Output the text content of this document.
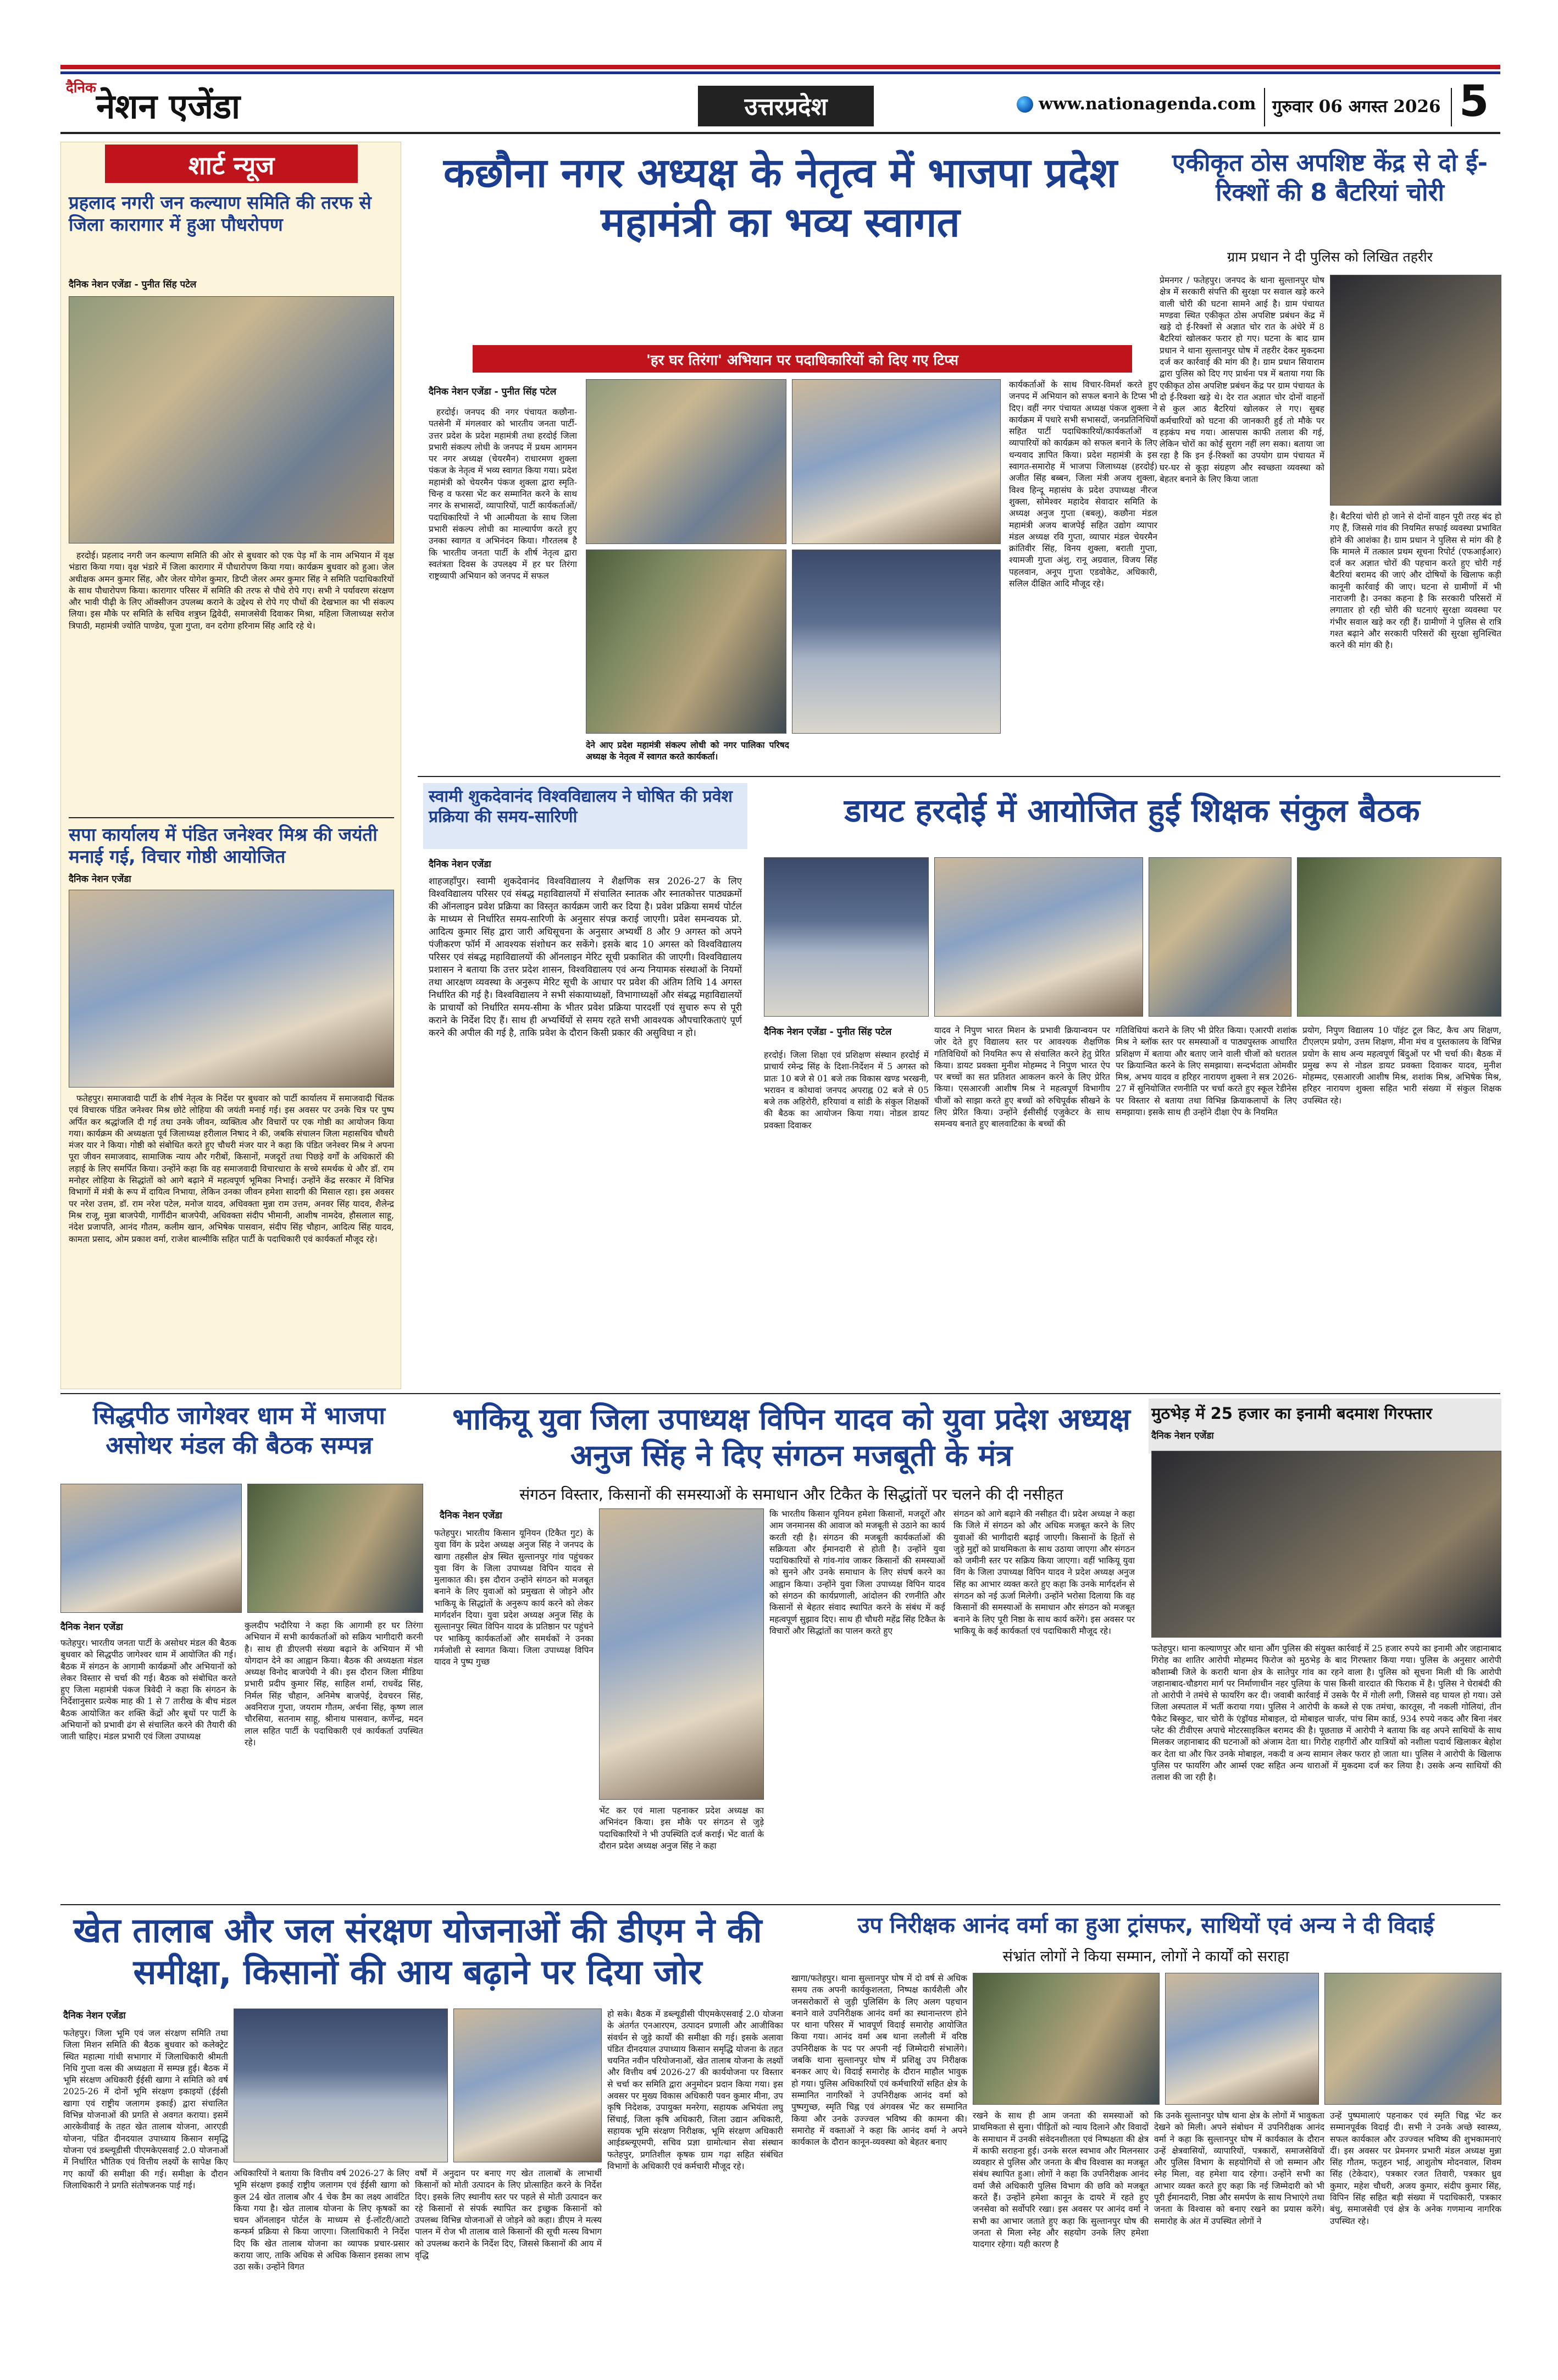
दैनिक नेशन एजेंडा	उत्तरप्रदेश	www.nationagenda.com गुरुवार 06 अगस्त 2026 5
शार्ट न्यूज
प्रहलाद नगरी जन कल्याण समिति की तरफ से जिला कारागार में हुआ पौधरोपण
दैनिक नेशन एजेंडा - पुनीत सिंह पटेल
हरदोई। प्रहलाद नगरी जन कल्याण समिति की ओर से बुधवार को एक पेड़ माँ के नाम अभियान में वृक्ष भंडारा किया गया। वृक्ष भंडारे में जिला कारागार में पौधारोपण किया गया। कार्यक्रम बुधवार को हुआ। जेल अधीक्षक अमन कुमार सिंह, और जेलर योगेश कुमार, डिप्टी जेलर अमर कुमार सिंह ने समिति पदाधिकारियों के साथ पौधारोपण किया। कारागार परिसर में समिति की तरफ से पौधे रोपे गए। सभी ने पर्यावरण संरक्षण और भावी पीढ़ी के लिए ऑक्सीजन उपलब्ध कराने के उद्देश्य से रोपे गए पौधों की देखभाल का भी संकल्प लिया। इस मौके पर समिति के सचिव शत्रुघ्न द्विवेदी, समाजसेवी दिवाकर मिश्रा, महिला जिलाध्यक्ष सरोज त्रिपाठी, महामंत्री ज्योति पाण्डेय, पूजा गुप्ता, वन दरोगा हरिनाम सिंह आदि रहे थे।
सपा कार्यालय में पंडित जनेश्वर मिश्र की जयंती मनाई गई, विचार गोष्ठी आयोजित
दैनिक नेशन एजेंडा
फतेहपुर। समाजवादी पार्टी के शीर्ष नेतृत्व के निर्देश पर बुधवार को पार्टी कार्यालय में समाजवादी चिंतक एवं विचारक पंडित जनेश्वर मिश्र छोटे लोहिया की जयंती मनाई गई। इस अवसर पर उनके चित्र पर पुष्प अर्पित कर श्रद्धांजलि दी गई तथा उनके जीवन, व्यक्तित्व और विचारों पर एक गोष्ठी का आयोजन किया गया। कार्यक्रम की अध्यक्षता पूर्व जिलाध्यक्ष हरीलाल निषाद ने की, जबकि संचालन जिला महासचिव चौधरी मंजर यार ने किया। गोष्ठी को संबोधित करते हुए चौधरी मंजर यार ने कहा कि पंडित जनेश्वर मिश्र ने अपना पूरा जीवन समाजवाद, सामाजिक न्याय और गरीबों, किसानों, मजदूरों तथा पिछड़े वर्गों के अधिकारों की लड़ाई के लिए समर्पित किया। उन्होंने कहा कि वह समाजवादी विचारधारा के सच्चे समर्थक थे और डॉ. राम मनोहर लोहिया के सिद्धांतों को आगे बढ़ाने में महत्वपूर्ण भूमिका निभाई। उन्होंने केंद्र सरकार में विभिन्न विभागों में मंत्री के रूप में दायित्व निभाया, लेकिन उनका जीवन हमेशा सादगी की मिसाल रहा। इस अवसर पर नरेश उत्तम, डॉ. राम नरेश पटेल, मनोज यादव, अधिवक्ता मुन्ना राम उत्तम, अनवर सिंह यादव, शैलेन्द्र मिश्र राजू, मुन्ना बाजपेयी, गार्गीदीन बाजपेयी, अधिवक्ता संदीप भीमानी, आशीष नामदेव, हौसलाल साहू, नंदेश प्रजापति, आनंद गौतम, कलीम खान, अभिषेक पासवान, संदीप सिंह चौहान, आदित्य सिंह यादव, कामता प्रसाद, ओम प्रकाश वर्मा, राजेश बाल्मीकि सहित पार्टी के पदाधिकारी एवं कार्यकर्ता मौजूद रहे।
कछौना नगर अध्यक्ष के नेतृत्व में भाजपा प्रदेश महामंत्री का भव्य स्वागत
'हर घर तिरंगा' अभियान पर पदाधिकारियों को दिए गए टिप्स
दैनिक नेशन एजेंडा - पुनीत सिंह पटेल
हरदोई। जनपद की नगर पंचायत कछौना-पतसेनी में मंगलवार को भारतीय जनता पार्टी-उत्तर प्रदेश के प्रदेश महामंत्री तथा हरदोई जिला प्रभारी संकल्प लोधी के जनपद में प्रथम आगमन पर नगर अध्यक्ष (चेयरमैन) राधारमण शुक्ला पंकज के नेतृत्व में भव्य स्वागत किया गया। प्रदेश महामंत्री को चेयरमैन पंकज शुक्ला द्वारा स्मृति-चिन्ह व फरसा भेंट कर सम्मानित करने के साथ नगर के सभासदों, व्यापारियों, पार्टी कार्यकर्ताओं/पदाधिकारियों ने भी आत्मीयता के साथ जिला प्रभारी संकल्प लोधी का माल्यार्पण करते हुए उनका स्वागत व अभिनंदन किया। गौरतलब है कि भारतीय जनता पार्टी के शीर्ष नेतृत्व द्वारा स्वतंत्रता दिवस के उपलक्ष्य में हर घर तिरंगा राष्ट्रव्यापी अभियान को जनपद में सफल
देने आए प्रदेश महामंत्री संकल्प लोधी को नगर पालिका परिषद अध्यक्ष के नेतृत्व में स्वागत करते कार्यकर्ता।
कार्यकर्ताओं के साथ विचार-विमर्श करते हुए जनपद में अभियान को सफल बनाने के टिप्स भी दिए। वहीं नगर पंचायत अध्यक्ष पंकज शुक्ला ने कार्यक्रम में पधारे सभी सभासदों, जनप्रतिनिधियों सहित पार्टी पदाधिकारियों/कार्यकर्ताओं व व्यापारियों को कार्यक्रम को सफल बनाने के लिए धन्यवाद ज्ञापित किया। प्रदेश महामंत्री के इस स्वागत-समारोह में भाजपा जिलाध्यक्ष (हरदोई) अजीत सिंह बब्बन, जिला मंत्री अजय शुक्ला, विश्व हिन्दू महासंघ के प्रदेश उपाध्यक्ष नीरज शुक्ला, सोमेश्वर महादेव सेवादार समिति के अध्यक्ष अनुज गुप्ता (बबलू), कछौना मंडल महामंत्री अजय बाजपेई सहित उद्योग व्यापार मंडल अध्यक्ष रवि गुप्ता, व्यापार मंडल चेयरमैन क्रांतिवीर सिंह, विनय शुक्ला, बराती गुप्ता, श्यामजी गुप्ता अंशु, रानू अग्रवाल, विजय सिंह पहलवान, अनूप गुप्ता एडवोकेट, अधिकारी, सलिल दीक्षित आदि मौजूद रहे।
एकीकृत ठोस अपशिष्ट केंद्र से दो ई-रिक्शों की 8 बैटरियां चोरी
ग्राम प्रधान ने दी पुलिस को लिखित तहरीर
प्रेमनगर / फतेहपुर। जनपद के थाना सुल्तानपुर घोष क्षेत्र में सरकारी संपत्ति की सुरक्षा पर सवाल खड़े करने वाली चोरी की घटना सामने आई है। ग्राम पंचायत मण्डवा स्थित एकीकृत ठोस अपशिष्ट प्रबंधन केंद्र में खड़े दो ई-रिक्शों से अज्ञात चोर रात के अंधेरे में 8 बैटरियां खोलकर फरार हो गए। घटना के बाद ग्राम प्रधान ने थाना सुल्तानपुर घोष में तहरीर देकर मुकदमा दर्ज कर कार्रवाई की मांग की है। ग्राम प्रधान सियाराम द्वारा पुलिस को दिए गए प्रार्थना पत्र में बताया गया कि एकीकृत ठोस अपशिष्ट प्रबंधन केंद्र पर ग्राम पंचायत के दो ई-रिक्शा खड़े थे। देर रात अज्ञात चोर दोनों वाहनों से कुल आठ बैटरियां खोलकर ले गए। सुबह कर्मचारियों को घटना की जानकारी हुई तो मौके पर हड़कंप मच गया। आसपास काफी तलाश की गई, लेकिन चोरों का कोई सुराग नहीं लग सका। बताया जा रहा है कि इन ई-रिक्शों का उपयोग ग्राम पंचायत में घर-घर से कूड़ा संग्रहण और स्वच्छता व्यवस्था को बेहतर बनाने के लिए किया जाता
है। बैटरियां चोरी हो जाने से दोनों वाहन पूरी तरह बंद हो गए हैं, जिससे गांव की नियमित सफाई व्यवस्था प्रभावित होने की आशंका है। ग्राम प्रधान ने पुलिस से मांग की है कि मामले में तत्काल प्रथम सूचना रिपोर्ट (एफआईआर) दर्ज कर अज्ञात चोरों की पहचान करते हुए चोरी गई बैटरियां बरामद की जाएं और दोषियों के खिलाफ कड़ी कानूनी कार्रवाई की जाए। घटना से ग्रामीणों में भी नाराजगी है। उनका कहना है कि सरकारी परिसरों में लगातार हो रही चोरी की घटनाएं सुरक्षा व्यवस्था पर गंभीर सवाल खड़े कर रही हैं। ग्रामीणों ने पुलिस से रात्रि गश्त बढ़ाने और सरकारी परिसरों की सुरक्षा सुनिश्चित करने की मांग की है।
स्वामी शुकदेवानंद विश्वविद्यालय ने घोषित की प्रवेश प्रक्रिया की समय-सारिणी
दैनिक नेशन एजेंडा
शाहजहाँपुर। स्वामी शुकदेवानंद विश्वविद्यालय ने शैक्षणिक सत्र 2026-27 के लिए विश्वविद्यालय परिसर एवं संबद्ध महाविद्यालयों में संचालित स्नातक और स्नातकोत्तर पाठ्यक्रमों की ऑनलाइन प्रवेश प्रक्रिया का विस्तृत कार्यक्रम जारी कर दिया है। प्रवेश प्रक्रिया समर्थ पोर्टल के माध्यम से निर्धारित समय-सारिणी के अनुसार संपन्न कराई जाएगी। प्रवेश समन्वयक प्रो. आदित्य कुमार सिंह द्वारा जारी अधिसूचना के अनुसार अभ्यर्थी 8 और 9 अगस्त को अपने पंजीकरण फॉर्म में आवश्यक संशोधन कर सकेंगे। इसके बाद 10 अगस्त को विश्वविद्यालय परिसर एवं संबद्ध महाविद्यालयों की ऑनलाइन मेरिट सूची प्रकाशित की जाएगी। विश्वविद्यालय प्रशासन ने बताया कि उत्तर प्रदेश शासन, विश्वविद्यालय एवं अन्य नियामक संस्थाओं के नियमों तथा आरक्षण व्यवस्था के अनुरूप मेरिट सूची के आधार पर प्रवेश की अंतिम तिथि 14 अगस्त निर्धारित की गई है। विश्वविद्यालय ने सभी संकायाध्यक्षों, विभागाध्यक्षों और संबद्ध महाविद्यालयों के प्राचार्यों को निर्धारित समय-सीमा के भीतर प्रवेश प्रक्रिया पारदर्शी एवं सुचारु रूप से पूरी कराने के निर्देश दिए हैं। साथ ही अभ्यर्थियों से समय रहते सभी आवश्यक औपचारिकताएं पूर्ण करने की अपील की गई है, ताकि प्रवेश के दौरान किसी प्रकार की असुविधा न हो।
डायट हरदोई में आयोजित हुई शिक्षक संकुल बैठक
दैनिक नेशन एजेंडा - पुनीत सिंह पटेल
हरदोई। जिला शिक्षा एवं प्रशिक्षण संस्थान हरदोई में प्राचार्य रमेन्द्र सिंह के दिशा-निर्देशन में 5 अगस्त को प्रातः 10 बजे से 01 बजे तक विकास खण्ड भरखनी, भरावन व कोथावां जनपद अपराह्न 02 बजे से 05 बजे तक अहिरोरी, हरियावां व सांडी के संकुल शिक्षकों की बैठक का आयोजन किया गया। नोडल डायट प्रवक्ता दिवाकर
यादव ने निपुण भारत मिशन के प्रभावी क्रियान्वयन पर जोर देते हुए विद्यालय स्तर पर आवश्यक शैक्षणिक गतिविधियों को नियमित रूप से संचालित करने हेतु प्रेरित किया। डायट प्रवक्ता मुनीश मोहम्मद ने निपुण भारत ऐप पर बच्चों का सत प्रतिशत आकलन करने के लिए प्रेरित किया। एसआरजी आशीष मिश्र ने महत्वपूर्ण विभागीय चीजों को साझा करते हुए बच्चों को रुचिपूर्वक सीखने के लिए प्रेरित किया। उन्होंने ईसीसीई एजुकेटर के साथ समन्वय बनाते हुए बालवाटिका के बच्चों की
गतिविधियां कराने के लिए भी प्रेरित किया। एआरपी शशांक मिश्र ने ब्लॉक स्तर पर समस्याओं व पाठ्यपुस्तक आधारित प्रशिक्षण में बताया और बताए जाने वाली चीजों को धरातल पर क्रियान्वित करने के लिए समझाया। सन्दर्भदाता ओमवीर मिश्र, अभय यादव व हरिहर नारायण शुक्ला ने सत्र 2026-27 में सुनियोजित रणनीति पर चर्चा करते हुए स्कूल रेडीनेस पर विस्तार से बताया तथा विभिन्न क्रियाकलापों के लिए समझाया। इसके साथ ही उन्होंने दीक्षा ऐप के नियमित
प्रयोग, निपुण विद्यालय 10 पॉइंट टूल किट, कैच अप शिक्षण, टीएलएम प्रयोग, उत्तम शिक्षण, मीना मंच व पुस्तकालय के विभिन्न प्रयोग के साथ अन्य महत्वपूर्ण बिंदुओं पर भी चर्चा की। बैठक में प्रमुख रूप से नोडल डायट प्रवक्ता दिवाकर यादव, मुनीश मोहम्मद, एसआरजी आशीष मिश्र, शशांक मिश्र, अभिषेक मिश्र, हरिहर नारायण शुक्ला सहित भारी संख्या में संकुल शिक्षक उपस्थित रहे।
सिद्धपीठ जागेश्वर धाम में भाजपा असोथर मंडल की बैठक सम्पन्न
दैनिक नेशन एजेंडा
फतेहपुर। भारतीय जनता पार्टी के असोथर मंडल की बैठक बुधवार को सिद्धपीठ जागेश्वर धाम में आयोजित की गई। बैठक में संगठन के आगामी कार्यक्रमों और अभियानों को लेकर विस्तार से चर्चा की गई। बैठक को संबोधित करते हुए जिला महामंत्री पंकज त्रिवेदी ने कहा कि संगठन के निर्देशानुसार प्रत्येक माह की 1 से 7 तारीख के बीच मंडल बैठक आयोजित कर शक्ति केंद्रों और बूथों पर पार्टी के अभियानों को प्रभावी ढंग से संचालित करने की तैयारी की जाती चाहिए। मंडल प्रभारी एवं जिला उपाध्यक्ष
कुलदीप भदौरिया ने कहा कि आगामी हर घर तिरंगा अभियान में सभी कार्यकर्ताओं को सक्रिय भागीदारी करनी है। साथ ही डीएलपी संख्या बढ़ाने के अभियान में भी योगदान देने का आह्वान किया। बैठक की अध्यक्षता मंडल अध्यक्ष विनोद बाजपेयी ने की। इस दौरान जिला मीडिया प्रभारी प्रदीप कुमार सिंह, साहिल शर्मा, राधवेंद्र सिंह, निर्मल सिंह चौहान, अनिमेष बाजपेई, देवचरन सिंह, अवनिराज गुप्ता, जयराम गौतम, अर्चना सिंह, कृष्ण लाल चौरसिया, सतनाम साहू, श्रीनाथ पासवान, कर्णेन्द्र, मदन लाल सहित पार्टी के पदाधिकारी एवं कार्यकर्ता उपस्थित रहे।
भाकियू युवा जिला उपाध्यक्ष विपिन यादव को युवा प्रदेश अध्यक्ष अनुज सिंह ने दिए संगठन मजबूती के मंत्र
संगठन विस्तार, किसानों की समस्याओं के समाधान और टिकैत के सिद्धांतों पर चलने की दी नसीहत
दैनिक नेशन एजेंडा
फतेहपुर। भारतीय किसान यूनियन (टिकैत गुट) के युवा विंग के प्रदेश अध्यक्ष अनुज सिंह ने जनपद के खागा तहसील क्षेत्र स्थित सुल्तानपुर गांव पहुंचकर युवा विंग के जिला उपाध्यक्ष विपिन यादव से मुलाकात की। इस दौरान उन्होंने संगठन को मजबूत बनाने के लिए युवाओं को प्रमुखता से जोड़ने और भाकियू के सिद्धांतों के अनुरूप कार्य करने को लेकर मार्गदर्शन दिया। युवा प्रदेश अध्यक्ष अनुज सिंह के सुल्तानपुर स्थित विपिन यादव के प्रतिष्ठान पर पहुंचने पर भाकियू कार्यकर्ताओं और समर्थकों ने उनका गर्मजोशी से स्वागत किया। जिला उपाध्यक्ष विपिन यादव ने पुष्प गुच्छ
भेंट कर एवं माला पहनाकर प्रदेश अध्यक्ष का अभिनंदन किया। इस मौके पर संगठन से जुड़े पदाधिकारियों ने भी उपस्थिति दर्ज कराई। भेंट वार्ता के दौरान प्रदेश अध्यक्ष अनुज सिंह ने कहा
कि भारतीय किसान यूनियन हमेशा किसानों, मजदूरों और आम जनमानस की आवाज को मजबूती से उठाने का कार्य करती रही है। संगठन की मजबूती कार्यकर्ताओं की सक्रियता और ईमानदारी से होती है। उन्होंने युवा पदाधिकारियों से गांव-गांव जाकर किसानों की समस्याओं को सुनने और उनके समाधान के लिए संघर्ष करने का आह्वान किया। उन्होंने युवा जिला उपाध्यक्ष विपिन यादव को संगठन की कार्यप्रणाली, आंदोलन की रणनीति और किसानों से बेहतर संवाद स्थापित करने के संबंध में कई महत्वपूर्ण सुझाव दिए। साथ ही चौधरी महेंद्र सिंह टिकैत के विचारों और सिद्धांतों का पालन करते हुए
संगठन को आगे बढ़ाने की नसीहत दी। प्रदेश अध्यक्ष ने कहा कि जिले में संगठन को और अधिक मजबूत करने के लिए युवाओं की भागीदारी बढ़ाई जाएगी। किसानों के हितों से जुड़े मुद्दों को प्राथमिकता के साथ उठाया जाएगा और संगठन को जमीनी स्तर पर सक्रिय किया जाएगा। वहीं भाकियू युवा विंग के जिला उपाध्यक्ष विपिन यादव ने प्रदेश अध्यक्ष अनुज सिंह का आभार व्यक्त करते हुए कहा कि उनके मार्गदर्शन से संगठन को नई ऊर्जा मिलेगी। उन्होंने भरोसा दिलाया कि वह किसानों की समस्याओं के समाधान और संगठन को मजबूत बनाने के लिए पूरी निष्ठा के साथ कार्य करेंगे। इस अवसर पर भाकियू के कई कार्यकर्ता एवं पदाधिकारी मौजूद रहे।
मुठभेड़ में 25 हजार का इनामी बदमाश गिरफ्तार
दैनिक नेशन एजेंडा
फतेहपुर। थाना कल्याणपुर और थाना औंग पुलिस की संयुक्त कार्रवाई में 25 हजार रुपये का इनामी और जहानाबाद गिरोह का शातिर आरोपी मोहम्मद फिरोज को मुठभेड़ के बाद गिरफ्तार किया गया। पुलिस के अनुसार आरोपी कौशाम्बी जिले के करारी थाना क्षेत्र के सातेपुर गांव का रहने वाला है। पुलिस को सूचना मिली थी कि आरोपी जहानाबाद-चौडगरा मार्ग पर निर्माणाधीन नहर पुलिया के पास किसी वारदात की फिराक में है। पुलिस ने घेराबंदी की तो आरोपी ने तमंचे से फायरिंग कर दी। जवाबी कार्रवाई में उसके पैर में गोली लगी, जिससे वह घायल हो गया। उसे जिला अस्पताल में भर्ती कराया गया। पुलिस ने आरोपी के कब्जे से एक तमंचा, कारतूस, नौ नकली गोलियां, तीन पैकेट बिस्कुट, चार चोरी के एंड्रॉयड मोबाइल, दो मोबाइल चार्जर, पांच सिम कार्ड, 934 रुपये नकद और बिना नंबर प्लेट की टीवीएस अपाचे मोटरसाइकिल बरामद की है। पूछताछ में आरोपी ने बताया कि वह अपने साथियों के साथ मिलकर जहानाबाद की घटनाओं को अंजाम देता था। गिरोह राहगीरों और यात्रियों को नशीला पदार्थ खिलाकर बेहोश कर देता था और फिर उनके मोबाइल, नकदी व अन्य सामान लेकर फरार हो जाता था। पुलिस ने आरोपी के खिलाफ पुलिस पर फायरिंग और आर्म्स एक्ट सहित अन्य धाराओं में मुकदमा दर्ज कर लिया है। उसके अन्य साथियों की तलाश की जा रही है।
खेत तालाब और जल संरक्षण योजनाओं की डीएम ने की समीक्षा, किसानों की आय बढ़ाने पर दिया जोर
दैनिक नेशन एजेंडा
फतेहपुर। जिला भूमि एवं जल संरक्षण समिति तथा जिला मिशन समिति की बैठक बुधवार को कलेक्ट्रेट स्थित महात्मा गांधी सभागार में जिलाधिकारी श्रीमती निधि गुप्ता वत्स की अध्यक्षता में सम्पन्न हुई। बैठक में भूमि संरक्षण अधिकारी ईईसी खागा ने समिति को वर्ष 2025-26 में दोनों भूमि संरक्षण इकाइयों (ईईसी खागा एवं राष्ट्रीय जलागम इकाई) द्वारा संचालित विभिन्न योजनाओं की प्रगति से अवगत कराया। इसमें आरकेवीवाई के तहत खेत तालाब योजना, आरएडी योजना, पंडित दीनदयाल उपाध्याय किसान समृद्धि योजना एवं डब्ल्यूडीसी पीएमकेएसवाई 2.0 योजनाओं में निर्धारित भौतिक एवं वित्तीय लक्ष्यों के सापेक्ष किए गए कार्यों की समीक्षा की गई। समीक्षा के दौरान जिलाधिकारी ने प्रगति संतोषजनक पाई गई।
अधिकारियों ने बताया कि वित्तीय वर्ष 2026-27 के लिए भूमि संरक्षण इकाई राष्ट्रीय जलागम एवं ईईसी खागा को कुल 24 खेत तालाब और 4 चेक डैम का लक्ष्य आवंटित किया गया है। खेत तालाब योजना के लिए कृषकों का चयन ऑनलाइन पोर्टल के माध्यम से ई-लॉटरी/आटो कन्फर्म प्रक्रिया से किया जाएगा। जिलाधिकारी ने निर्देश दिए कि खेत तालाब योजना का व्यापक प्रचार-प्रसार कराया जाए, ताकि अधिक से अधिक किसान इसका लाभ उठा सकें। उन्होंने विगत
वर्षों में अनुदान पर बनाए गए खेत तालाबों के लाभार्थी किसानों को मोती उत्पादन के लिए प्रोत्साहित करने के निर्देश दिए। इसके लिए स्थानीय स्तर पर पहले से मोती उत्पादन कर रहे किसानों से संपर्क स्थापित कर इच्छुक किसानों को उपलब्ध विभिन्न योजनाओं से जोड़ने को कहा। डीएम ने मत्स्य पालन में रोज भी तालाब वाले किसानों की सूची मत्स्य विभाग को उपलब्ध कराने के निर्देश दिए, जिससे किसानों की आय में वृद्धि
हो सके। बैठक में डब्ल्यूडीसी पीएमकेएसवाई 2.0 योजना के अंतर्गत एनआरएम, उत्पादन प्रणाली और आजीविका संवर्धन से जुड़े कार्यों की समीक्षा की गई। इसके अलावा पंडित दीनदयाल उपाध्याय किसान समृद्धि योजना के तहत चयनित नवीन परियोजनाओं, खेत तालाब योजना के लक्ष्यों और वित्तीय वर्ष 2026-27 की कार्ययोजना पर विस्तार से चर्चा कर समिति द्वारा अनुमोदन प्रदान किया गया। इस अवसर पर मुख्य विकास अधिकारी पवन कुमार मीना, उप कृषि निदेशक, उपायुक्त मनरेगा, सहायक अभियंता लघु सिंचाई, जिला कृषि अधिकारी, जिला उद्यान अधिकारी, सहायक भूमि संरक्षण निरीक्षक, भूमि संरक्षण अधिकारी आईडब्ल्यूएमपी, सचिव प्रज्ञा ग्रामोत्थान सेवा संस्थान फतेहपुर, प्रगतिशील कृषक ग्राम गढ़ा सहित संबंधित विभागों के अधिकारी एवं कर्मचारी मौजूद रहे।
उप निरीक्षक आनंद वर्मा का हुआ ट्रांसफर, साथियों एवं अन्य ने दी विदाई
संभ्रांत लोगों ने किया सम्मान, लोगों ने कार्यों को सराहा
खागा/फतेहपुर। थाना सुल्तानपुर घोष में दो वर्ष से अधिक समय तक अपनी कार्यकुशलता, निष्पक्ष कार्यशैली और जनसरोकारों से जुड़ी पुलिसिंग के लिए अलग पहचान बनाने वाले उपनिरीक्षक आनंद वर्मा का स्थानान्तरण होने पर थाना परिसर में भावपूर्ण विदाई समारोह आयोजित किया गया। आनंद वर्मा अब थाना ललौली में वरिष्ठ उपनिरीक्षक के पद पर अपनी नई जिम्मेदारी संभालेंगे। जबकि थाना सुल्तानपुर घोष में प्रशिक्षु उप निरीक्षक बनकर आए थे। विदाई समारोह के दौरान माहौल भावुक हो गया। पुलिस अधिकारियों एवं कर्मचारियों सहित क्षेत्र के सम्मानित नागरिकों ने उपनिरीक्षक आनंद वर्मा को पुष्पगुच्छ, स्मृति चिह्न एवं अंगवस्त्र भेंट कर सम्मानित किया और उनके उज्ज्वल भविष्य की कामना की। समारोह में वक्ताओं ने कहा कि आनंद वर्मा ने अपने कार्यकाल के दौरान कानून-व्यवस्था को बेहतर बनाए
रखने के साथ ही आम जनता की समस्याओं को प्राथमिकता से सुना। पीड़ितों को न्याय दिलाने और विवादों के समाधान में उनकी संवेदनशीलता एवं निष्पक्षता की क्षेत्र में काफी सराहना हुई। उनके सरल स्वभाव और मिलनसार व्यवहार से पुलिस और जनता के बीच विश्वास का मजबूत संबंध स्थापित हुआ। लोगों ने कहा कि उपनिरीक्षक आनंद वर्मा जैसे अधिकारी पुलिस विभाग की छवि को मजबूत करते हैं। उन्होंने हमेशा कानून के दायरे में रहते हुए जनसेवा को सर्वोपरि रखा। इस अवसर पर आनंद वर्मा ने सभी का आभार जताते हुए कहा कि सुल्तानपुर घोष की जनता से मिला स्नेह और सहयोग उनके लिए हमेशा यादगार रहेगा। यही कारण है
कि उनके सुल्तानपुर घोष थाना क्षेत्र के लोगों में भावुकता देखने को मिली। अपने संबोधन में उपनिरीक्षक आनंद वर्मा ने कहा कि सुल्तानपुर घोष में कार्यकाल के दौरान उन्हें क्षेत्रवासियों, व्यापारियों, पत्रकारों, समाजसेवियों और पुलिस विभाग के सहयोगियों से जो सम्मान और स्नेह मिला, वह हमेशा याद रहेगा। उन्होंने सभी का आभार व्यक्त करते हुए कहा कि नई जिम्मेदारी को भी पूरी ईमानदारी, निष्ठा और समर्पण के साथ निभाएंगे तथा जनता के विश्वास को बनाए रखने का प्रयास करेंगे। समारोह के अंत में उपस्थित लोगों ने
उन्हें पुष्पमालाएं पहनाकर एवं स्मृति चिह्न भेंट कर सम्मानपूर्वक विदाई दी। सभी ने उनके अच्छे स्वास्थ्य, सफल कार्यकाल और उज्ज्वल भविष्य की शुभकामनाएं दीं। इस अवसर पर प्रेमनगर प्रभारी मंडल अध्यक्ष मुन्ना सिंह गौतम, फतुहन भाई, आशुतोष मोदनवाल, शिवम सिंह (टेकेदार), पत्रकार रजत तिवारी, पत्रकार ध्रुव कुमार, महेश चौधरी, अजय कुमार, संदीप कुमार सिंह, विपिन सिंह सहित बड़ी संख्या में पदाधिकारी, पत्रकार बंधु, समाजसेवी एवं क्षेत्र के अनेक गणमान्य नागरिक उपस्थित रहे।
